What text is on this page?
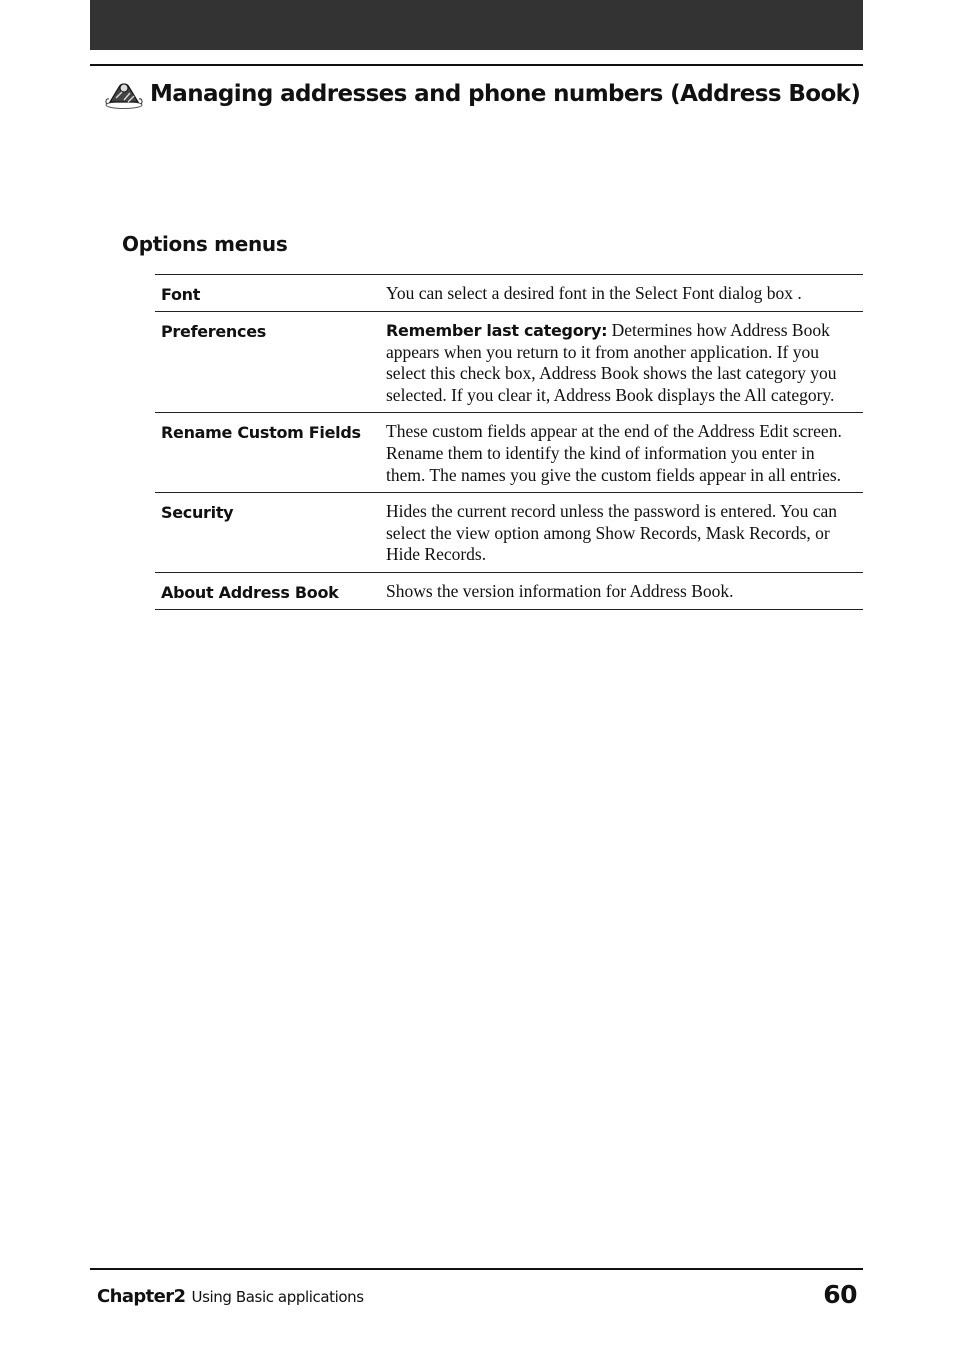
Managing addresses and phone numbers (Address Book)
Options menus
Font	You can select a desired font in the Select Font dialog box .
Preferences	Remember last category: Determines how Address Book appears when you return to it from another application. If you select this check box, Address Book shows the last category you selected. If you clear it, Address Book displays the All category.
Rename Custom Fields	These custom fields appear at the end of the Address Edit screen. Rename them to identify the kind of information you enter in them. The names you give the custom fields appear in all entries.
Security	Hides the current record unless the password is entered. You can select the view option among Show Records, Mask Records, or Hide Records.
About Address Book	Shows the version information for Address Book.
Chapter2 Using Basic applications	60
